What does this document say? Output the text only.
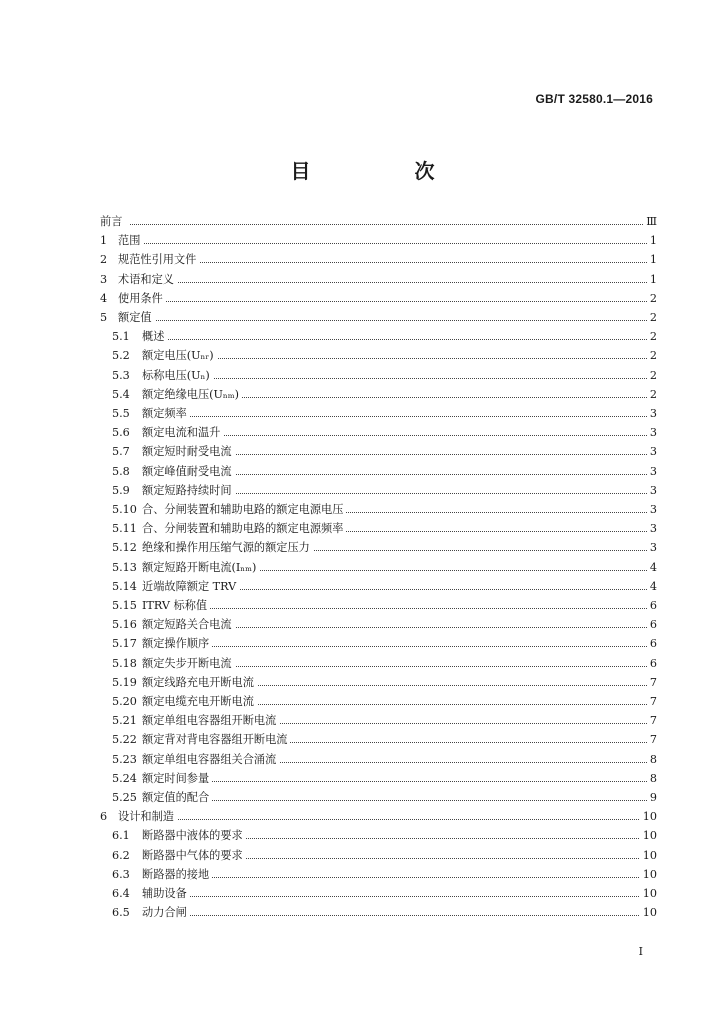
GB/T 32580.1—2016
目　次
前言	Ⅲ
1 范围	1
2 规范性引用文件	1
3 术语和定义	1
4 使用条件	2
5 额定值	2
5.1 概述	2
5.2 额定电压(Uₙᵣ)	2
5.3 标称电压(Uₙ)	2
5.4 额定绝缘电压(Uₙₘ)	2
5.5 额定频率	3
5.6 额定电流和温升	3
5.7 额定短时耐受电流	3
5.8 额定峰值耐受电流	3
5.9 额定短路持续时间	3
5.10 合、分闸装置和辅助电路的额定电源电压	3
5.11 合、分闸装置和辅助电路的额定电源频率	3
5.12 绝缘和操作用压缩气源的额定压力	3
5.13 额定短路开断电流(Iₙₘ)	4
5.14 近端故障额定 TRV	4
5.15 ITRV 标称值	6
5.16 额定短路关合电流	6
5.17 额定操作顺序	6
5.18 额定失步开断电流	6
5.19 额定线路充电开断电流	7
5.20 额定电缆充电开断电流	7
5.21 额定单组电容器组开断电流	7
5.22 额定背对背电容器组开断电流	7
5.23 额定单组电容器组关合涌流	8
5.24 额定时间参量	8
5.25 额定值的配合	9
6 设计和制造	10
6.1 断路器中液体的要求	10
6.2 断路器中气体的要求	10
6.3 断路器的接地	10
6.4 辅助设备	10
6.5 动力合闸	10
Ⅰ
